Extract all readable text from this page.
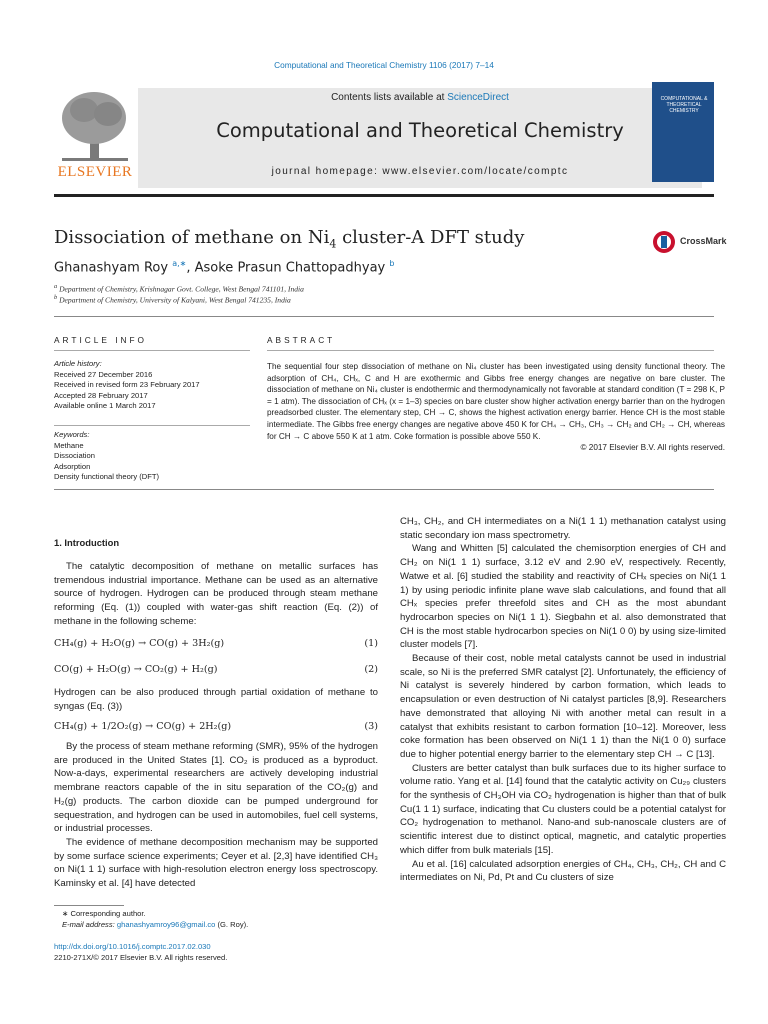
Computational and Theoretical Chemistry 1106 (2017) 7–14
ELSEVIER
Contents lists available at ScienceDirect
Computational and Theoretical Chemistry
journal homepage: www.elsevier.com/locate/comptc
COMPUTATIONAL & THEORETICAL CHEMISTRY
Dissociation of methane on $Ni_4$ cluster-A DFT study	CrossMark
Ghanashyam Roy $^{a,∗}$, Asoke Prasun Chattopadhyay $^b$
$^a$ Department of Chemistry, Krishnagar Govt. College, West Bengal 741101, India
$^b$ Department of Chemistry, University of Kalyani, West Bengal 741235, India
ARTICLE INFO	ABSTRACT
Article history:
Received 27 December 2016
Received in revised form 23 February 2017
Accepted 28 February 2017
Available online 1 March 2017
Keywords:
Methane
Dissociation
Adsorption
Density functional theory (DFT)
The sequential four step dissociation of methane on Ni₄ cluster has been investigated using density functional theory. The adsorption of CH₄, CHₓ, C and H are exothermic and Gibbs free energy changes are negative on bare cluster. The dissociation of methane on Ni₄ cluster is endothermic and thermodynamically not favorable at standard condition (T = 298 K, P = 1 atm). The dissociation of CHₓ (x = 1–3) species on bare cluster show higher activation energy barrier than on the hydrogen preadsorbed cluster. The elementary step, CH → C, shows the highest activation energy barrier. Hence CH is the most stable intermediate. The Gibbs free energy changes are negative above 450 K for CH₄ → CH₃, CH₃ → CH₂ and CH₂ → CH, whereas for CH → C above 550 K at 1 atm. Coke formation is possible above 550 K.
© 2017 Elsevier B.V. All rights reserved.
1. Introduction

The catalytic decomposition of methane on metallic surfaces has tremendous industrial importance. Methane can be used as an alternative source of hydrogen. Hydrogen can be produced through steam methane reforming (Eq. (1)) coupled with water-gas shift reaction (Eq. (2)) of methane in the following scheme:

CH₄(g) + H₂O(g) → CO(g) + 3H₂(g)	(1)
CO(g) + H₂O(g) → CO₂(g) + H₂(g)	(2)

Hydrogen can be also produced through partial oxidation of methane to syngas (Eq. (3))

CH₄(g) + 1/2O₂(g) → CO(g) + 2H₂(g)	(3)

By the process of steam methane reforming (SMR), 95% of the hydrogen are produced in the United States [1]. CO₂ is produced as a byproduct. Now-a-days, experimental researchers are actively developing industrial membrane reactors capable of the in situ separation of the CO₂(g) and H₂(g) products. The carbon dioxide can be pumped underground for sequestration, and hydrogen can be used in automobiles, fuel cell systems, or industrial processes.

The evidence of methane decomposition mechanism may be supported by some surface science experiments; Ceyer et al. [2,3] have identified CH₃ on Ni(1 1 1) surface with high-resolution electron energy loss spectroscopy. Kaminsky et al. [4] have detected

CH₃, CH₂, and CH intermediates on a Ni(1 1 1) methanation catalyst using static secondary ion mass spectrometry.

Wang and Whitten [5] calculated the chemisorption energies of CH and CH₂ on Ni(1 1 1) surface, 3.12 eV and 2.90 eV, respectively. Recently, Watwe et al. [6] studied the stability and reactivity of CHₓ species on Ni(1 1 1) by using periodic infinite plane wave slab calculations, and found that all CHₓ species prefer threefold sites and CH as the most abundant hydrocarbon species on Ni(1 1 1). Siegbahn et al. also demonstrated that CH is the most stable hydrocarbon species on Ni(1 0 0) by using size-limited cluster models [7].

Because of their cost, noble metal catalysts cannot be used in industrial scale, so Ni is the preferred SMR catalyst [2]. Unfortunately, the efficiency of Ni catalyst is severely hindered by carbon formation, which leads to encapsulation or even destruction of Ni catalyst particles [8,9]. Researchers have demonstrated that alloying Ni with another metal can result in a catalyst that exhibits resistant to carbon formation [10–12]. Moreover, less coke formation has been observed on Ni(1 1 1) than the Ni(1 0 0) surface due to higher potential energy barrier to the elementary step CH → C [13].

Clusters are better catalyst than bulk surfaces due to its higher surface to volume ratio. Yang et al. [14] found that the catalytic activity on Cu₂₉ clusters for the synthesis of CH₃OH via CO₂ hydrogenation is higher than that of bulk Cu(1 1 1) surface, indicating that Cu clusters could be a potential catalyst for CO₂ hydrogenation to methanol. Nano-and sub-nanoscale clusters are of scientific interest due to distinct optical, magnetic, and catalytic properties which differ from bulk materials [15].

Au et al. [16] calculated adsorption energies of CH₄, CH₃, CH₂, CH and C intermediates on Ni, Pd, Pt and Cu clusters of size

∗ Corresponding author.
E-mail address: ghanashyamroy96@gmail.co (G. Roy).
http://dx.doi.org/10.1016/j.comptc.2017.02.030
2210-271X/© 2017 Elsevier B.V. All rights reserved.
